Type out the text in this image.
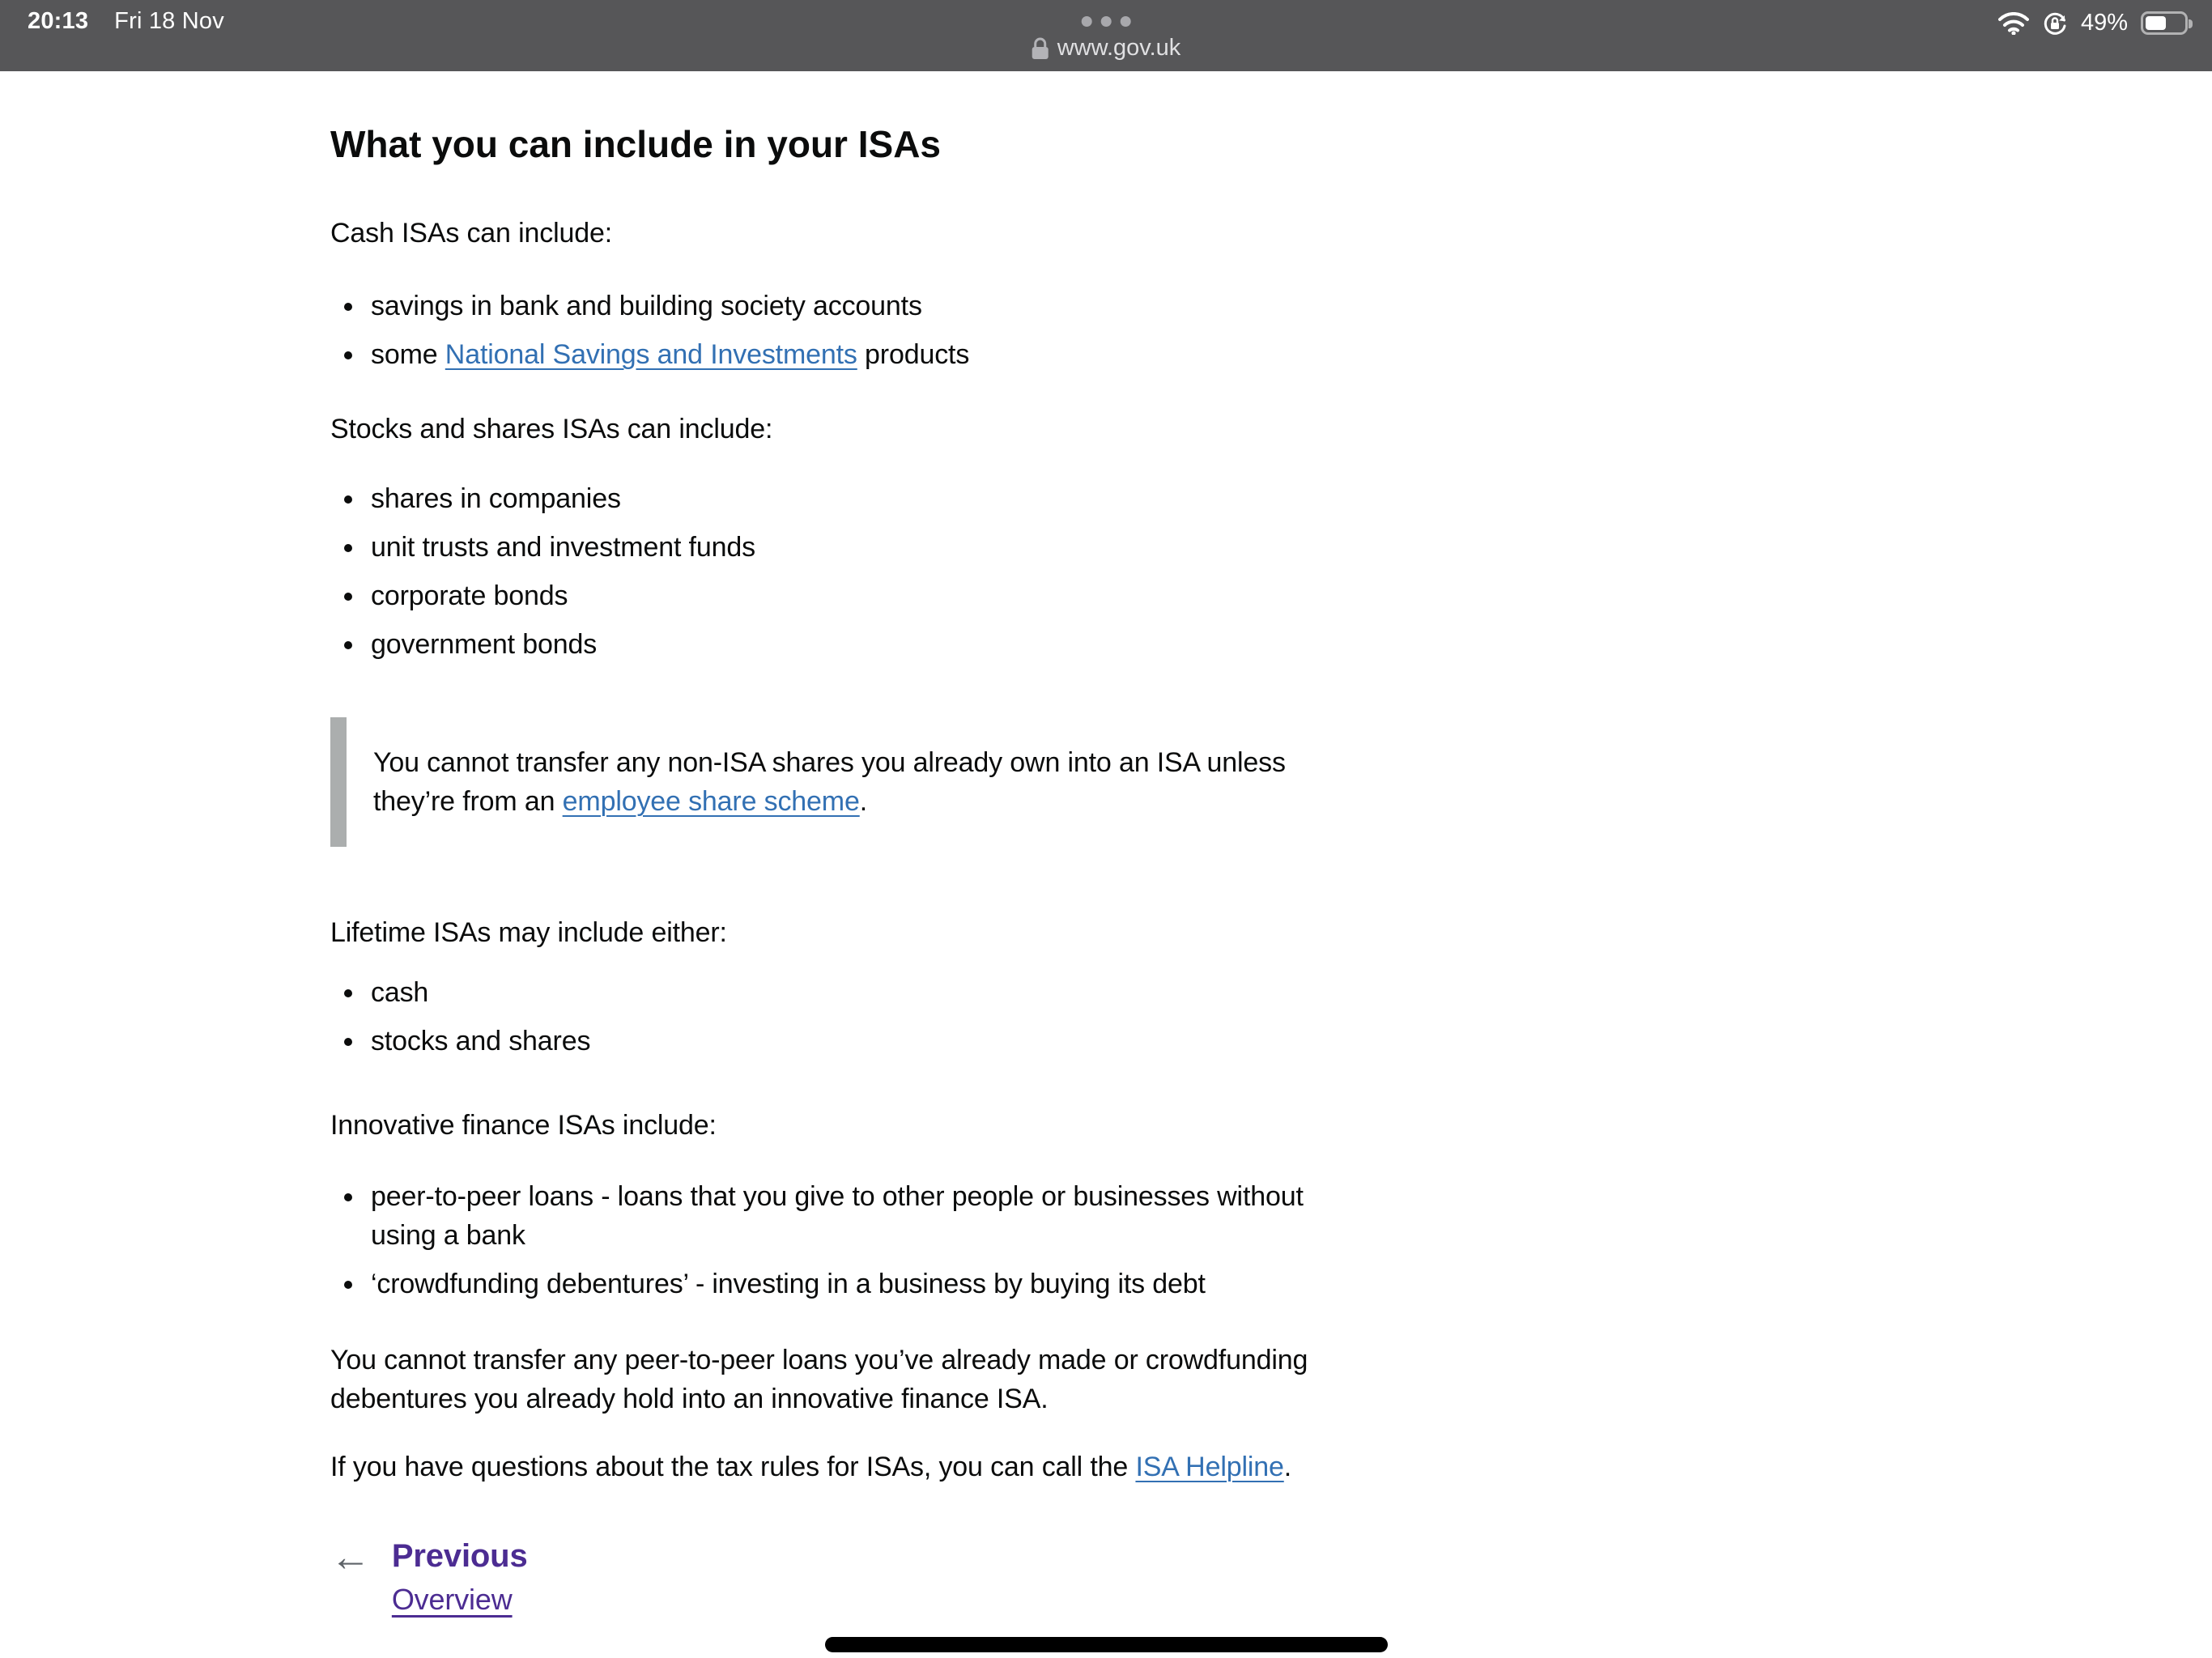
20:13 Fri 18 Nov
www.gov.uk
49%
What you can include in your ISAs

Cash ISAs can include:

• savings in bank and building society accounts
• some National Savings and Investments products

Stocks and shares ISAs can include:

• shares in companies
• unit trusts and investment funds
• corporate bonds
• government bonds
You cannot transfer any non-ISA shares you already own into an ISA unless they’re from an employee share scheme.

Lifetime ISAs may include either:

• cash
• stocks and shares

Innovative finance ISAs include:

• peer-to-peer loans - loans that you give to other people or businesses without using a bank
• ‘crowdfunding debentures’ - investing in a business by buying its debt

You cannot transfer any peer-to-peer loans you’ve already made or crowdfunding debentures you already hold into an innovative finance ISA.

If you have questions about the tax rules for ISAs, you can call the ISA Helpline.

← Previous
Overview
